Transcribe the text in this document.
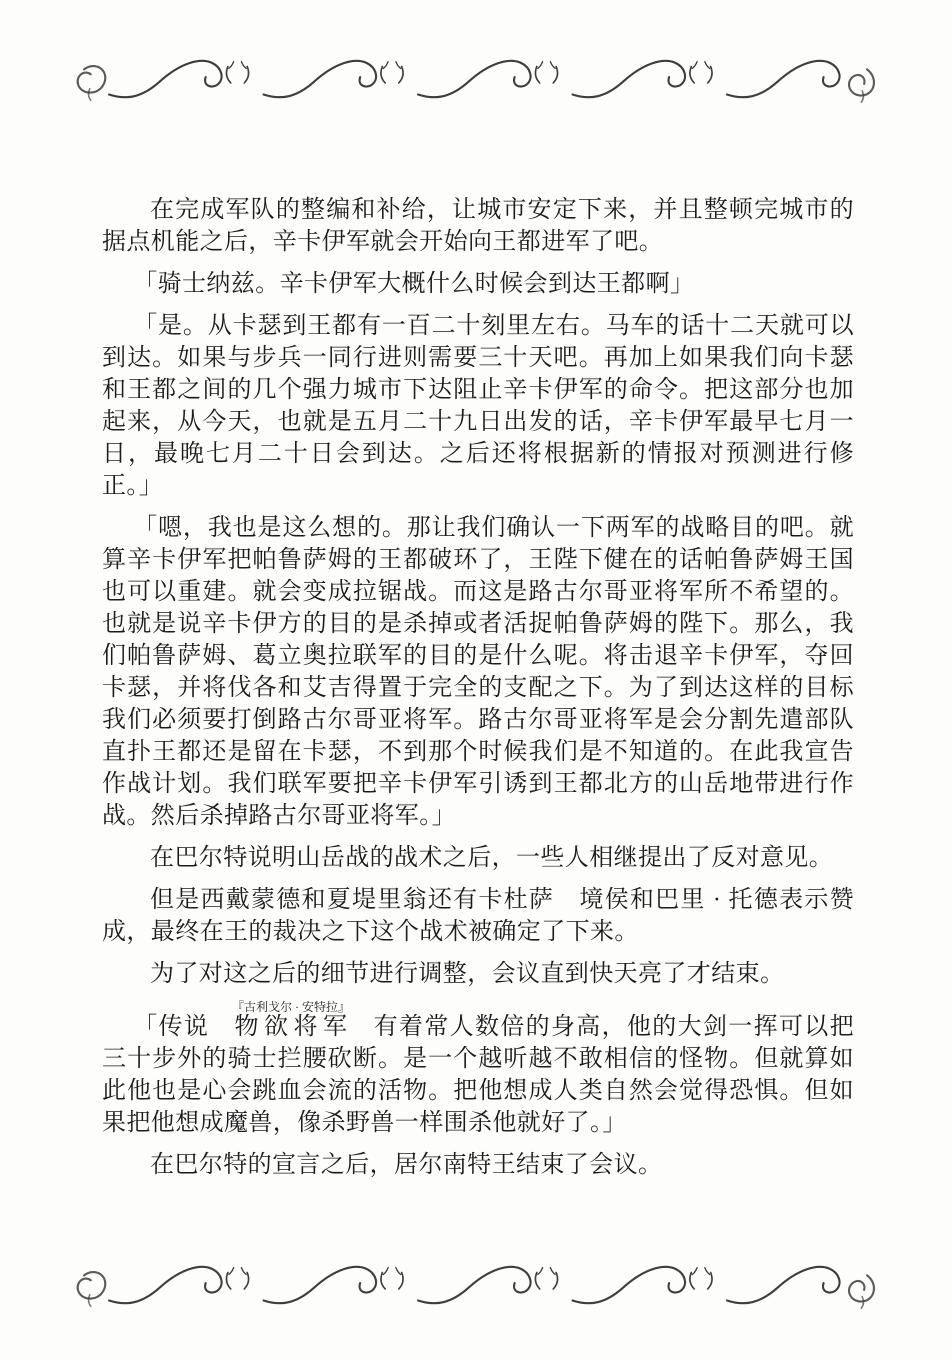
在完成军队的整编和补给，让城市安定下来，并且整顿完城市的据点机能之后，辛卡伊军就会开始向王都进军了吧。

「骑士纳兹。辛卡伊军大概什么时候会到达王都啊」

「是。从卡瑟到王都有一百二十刻里左右。马车的话十二天就可以到达。如果与步兵一同行进则需要三十天吧。再加上如果我们向卡瑟和王都之间的几个强力城市下达阻止辛卡伊军的命令。把这部分也加起来，从今天，也就是五月二十九日出发的话，辛卡伊军最早七月一日，最晚七月二十日会到达。之后还将根据新的情报对预测进行修正。」

「嗯，我也是这么想的。那让我们确认一下两军的战略目的吧。就算辛卡伊军把帕鲁萨姆的王都破环了，王陛下健在的话帕鲁萨姆王国也可以重建。就会变成拉锯战。而这是路古尔哥亚将军所不希望的。也就是说辛卡伊方的目的是杀掉或者活捉帕鲁萨姆的陛下。那么，我们帕鲁萨姆、葛立奥拉联军的目的是什么呢。将击退辛卡伊军，夺回卡瑟，并将伐各和艾吉得置于完全的支配之下。为了到达这样的目标我们必须要打倒路古尔哥亚将军。路古尔哥亚将军是会分割先遣部队直扑王都还是留在卡瑟，不到那个时候我们是不知道的。在此我宣告作战计划。我们联军要把辛卡伊军引诱到王都北方的山岳地带进行作战。然后杀掉路古尔哥亚将军。」

在巴尔特说明山岳战的战术之后，一些人相继提出了反对意见。

但是西戴蒙德和夏堤里翁还有卡杜萨　境侯和巴里 · 托德表示赞成，最终在王的裁决之下这个战术被确定了下来。

为了对这之后的细节进行调整，会议直到快天亮了才结束。

「传说　物欲将军『古利戈尔 · 安特拉』　有着常人数倍的身高，他的大剑一挥可以把三十步外的骑士拦腰砍断。是一个越听越不敢相信的怪物。但就算如此他也是心会跳血会流的活物。把他想成人类自然会觉得恐惧。但如果把他想成魔兽，像杀野兽一样围杀他就好了。」

在巴尔特的宣言之后，居尔南特王结束了会议。
